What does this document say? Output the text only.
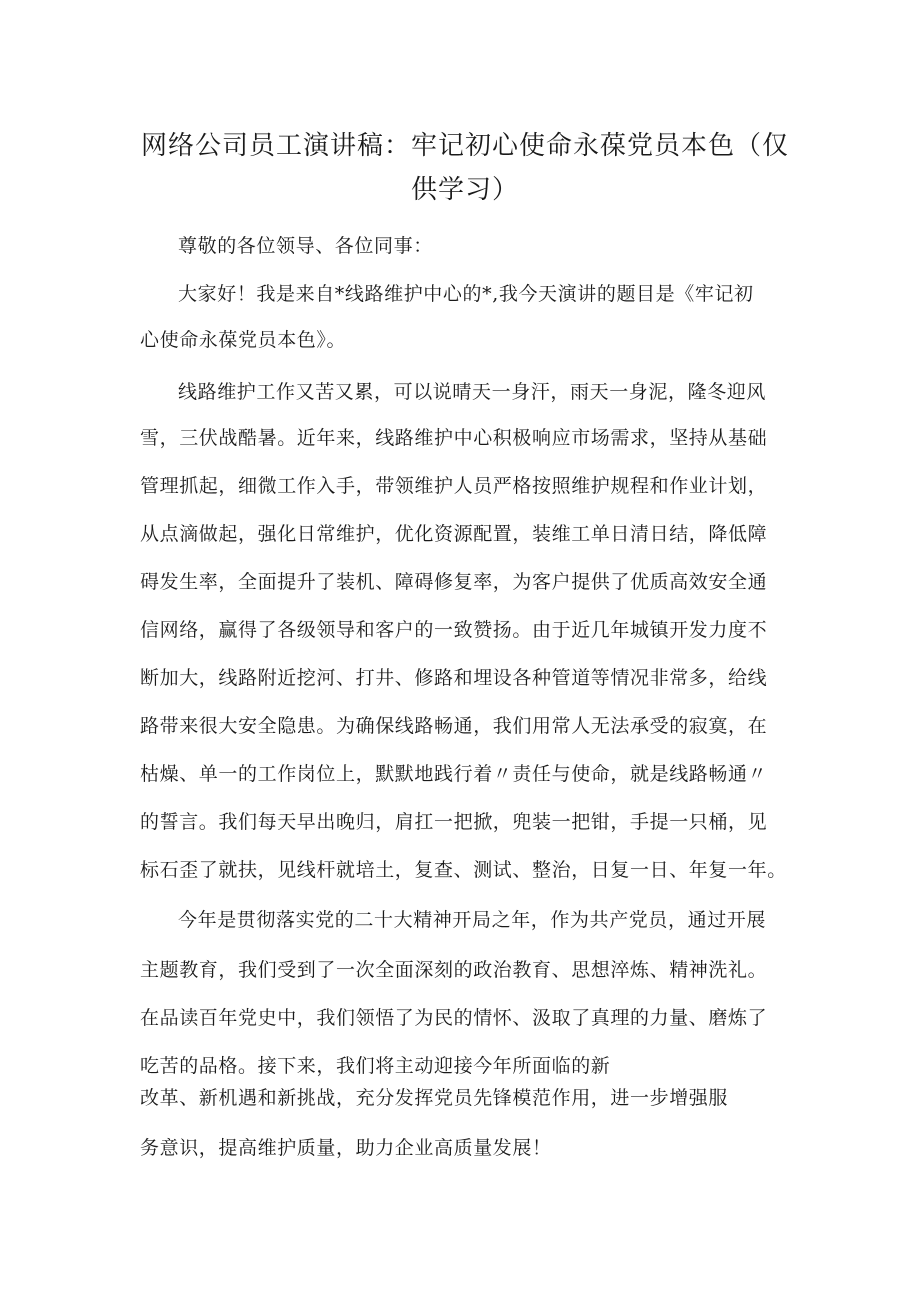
网络公司员工演讲稿：牢记初心使命永葆党员本色（仅供学习）

尊敬的各位领导、各位同事：

大家好！我是来自*线路维护中心的*,我今天演讲的题目是《牢记初

心使命永葆党员本色》。

线路维护工作又苦又累，可以说晴天一身汗，雨天一身泥，隆冬迎风

雪，三伏战酷暑。近年来，线路维护中心积极响应市场需求，坚持从基础

管理抓起，细微工作入手，带领维护人员严格按照维护规程和作业计划，

从点滴做起，强化日常维护，优化资源配置，装维工单日清日结，降低障

碍发生率，全面提升了装机、障碍修复率，为客户提供了优质高效安全通

信网络，赢得了各级领导和客户的一致赞扬。由于近几年城镇开发力度不

断加大，线路附近挖河、打井、修路和埋设各种管道等情况非常多，给线

路带来很大安全隐患。为确保线路畅通，我们用常人无法承受的寂寞，在

枯燥、单一的工作岗位上，默默地践行着〃责任与使命，就是线路畅通〃

的誓言。我们每天早出晚归，肩扛一把掀，兜装一把钳，手提一只桶，见

标石歪了就扶，见线杆就培土，复查、测试、整治，日复一日、年复一年。

今年是贯彻落实党的二十大精神开局之年，作为共产党员，通过开展

主题教育，我们受到了一次全面深刻的政治教育、思想淬炼、精神洗礼。

在品读百年党史中，我们领悟了为民的情怀、汲取了真理的力量、磨炼了

吃苦的品格。接下来，我们将主动迎接今年所面临的新

改革、新机遇和新挑战，充分发挥党员先锋模范作用，进一步增强服

务意识，提高维护质量，助力企业高质量发展！
